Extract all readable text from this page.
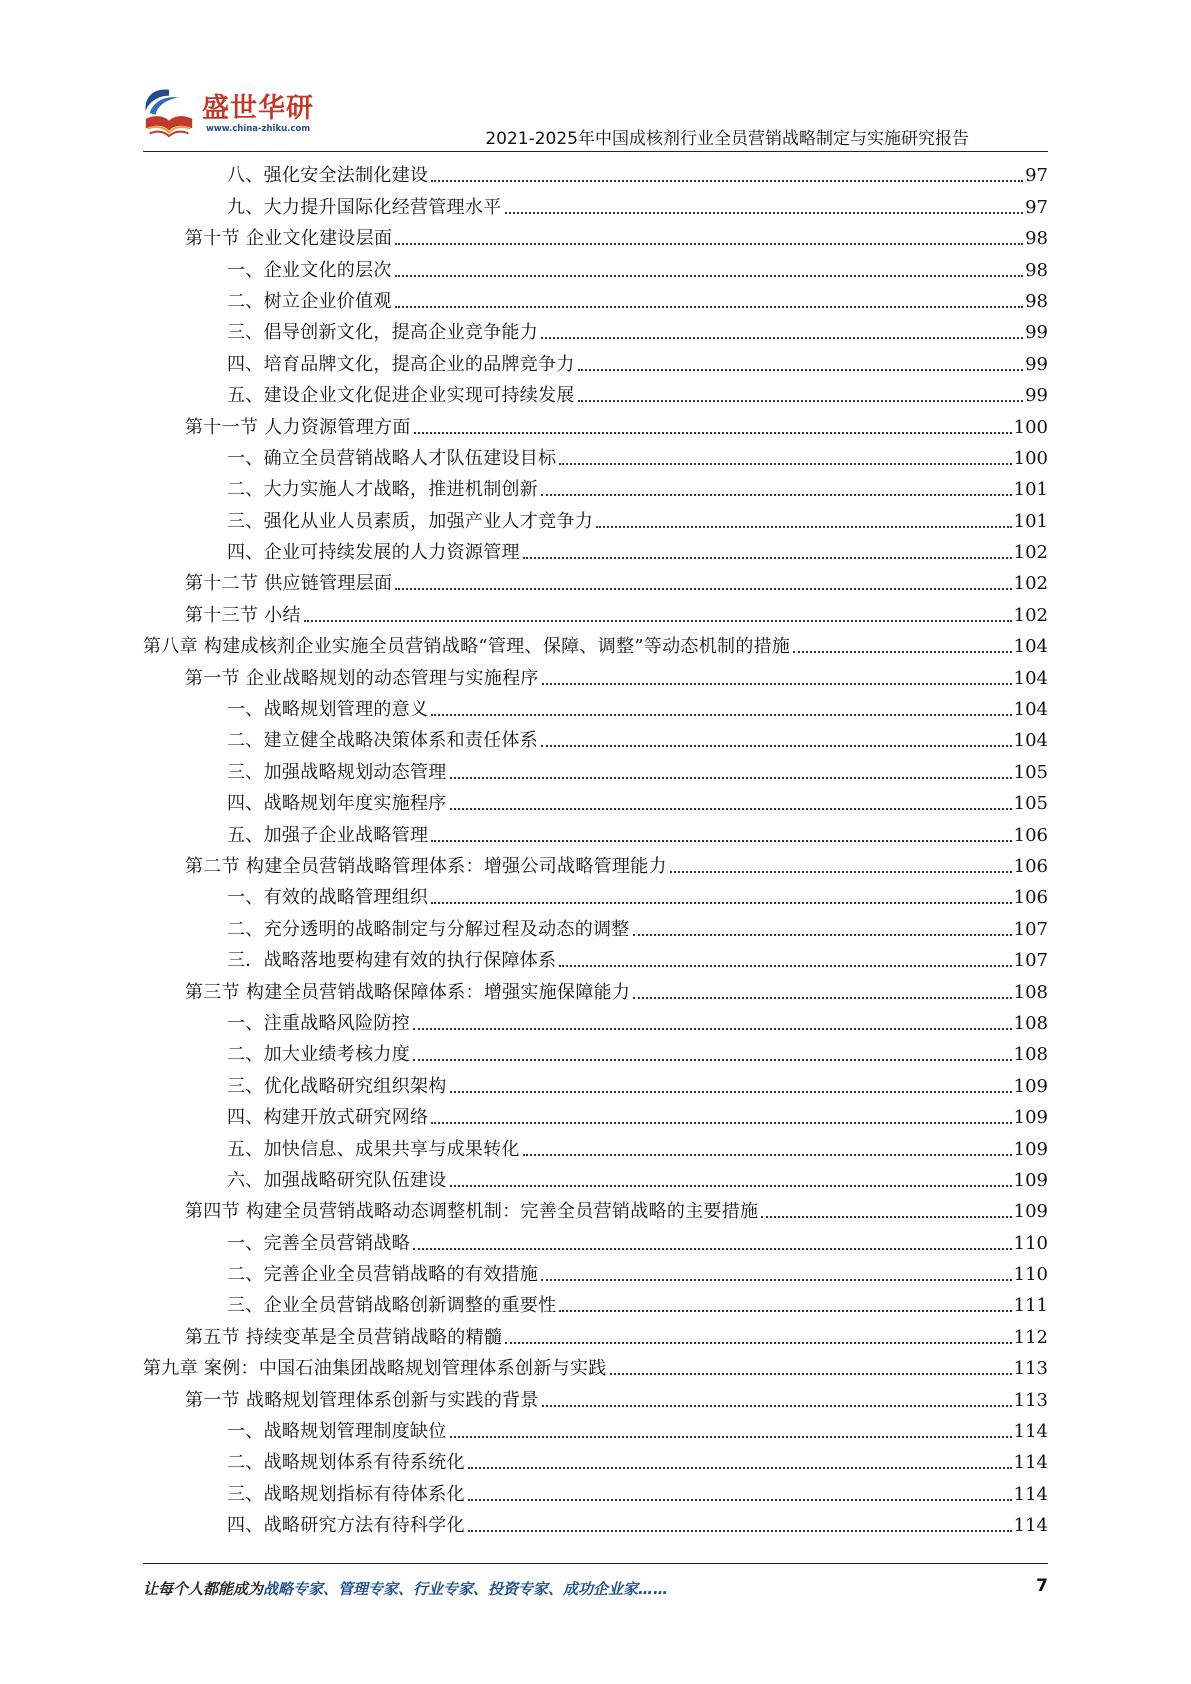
盛世华研
www.china-zhiku.com	2021-2025年中国成核剂行业全员营销战略制定与实施研究报告
八、强化安全法制化建设	97
九、大力提升国际化经营管理水平	97
第十节 企业文化建设层面	98
一、企业文化的层次	98
二、树立企业价值观	98
三、倡导创新文化，提高企业竞争能力	99
四、培育品牌文化，提高企业的品牌竞争力	99
五、建设企业文化促进企业实现可持续发展	99
第十一节 人力资源管理方面	100
一、确立全员营销战略人才队伍建设目标	100
二、大力实施人才战略，推进机制创新	101
三、强化从业人员素质，加强产业人才竞争力	101
四、企业可持续发展的人力资源管理	102
第十二节 供应链管理层面	102
第十三节 小结	102
第八章 构建成核剂企业实施全员营销战略“管理、保障、调整”等动态机制的措施	104
第一节 企业战略规划的动态管理与实施程序	104
一、战略规划管理的意义	104
二、建立健全战略决策体系和责任体系	104
三、加强战略规划动态管理	105
四、战略规划年度实施程序	105
五、加强子企业战略管理	106
第二节 构建全员营销战略管理体系：增强公司战略管理能力	106
一、有效的战略管理组织	106
二、充分透明的战略制定与分解过程及动态的调整	107
三．战略落地要构建有效的执行保障体系	107
第三节 构建全员营销战略保障体系：增强实施保障能力	108
一、注重战略风险防控	108
二、加大业绩考核力度	108
三、优化战略研究组织架构	109
四、构建开放式研究网络	109
五、加快信息、成果共享与成果转化	109
六、加强战略研究队伍建设	109
第四节 构建全员营销战略动态调整机制：完善全员营销战略的主要措施	109
一、完善全员营销战略	110
二、完善企业全员营销战略的有效措施	110
三、企业全员营销战略创新调整的重要性	111
第五节 持续变革是全员营销战略的精髓	112
第九章 案例：中国石油集团战略规划管理体系创新与实践	113
第一节 战略规划管理体系创新与实践的背景	113
一、战略规划管理制度缺位	114
二、战略规划体系有待系统化	114
三、战略规划指标有待体系化	114
四、战略研究方法有待科学化	114
让每个人都能成为战略专家、管理专家、行业专家、投资专家、成功企业家……	7
